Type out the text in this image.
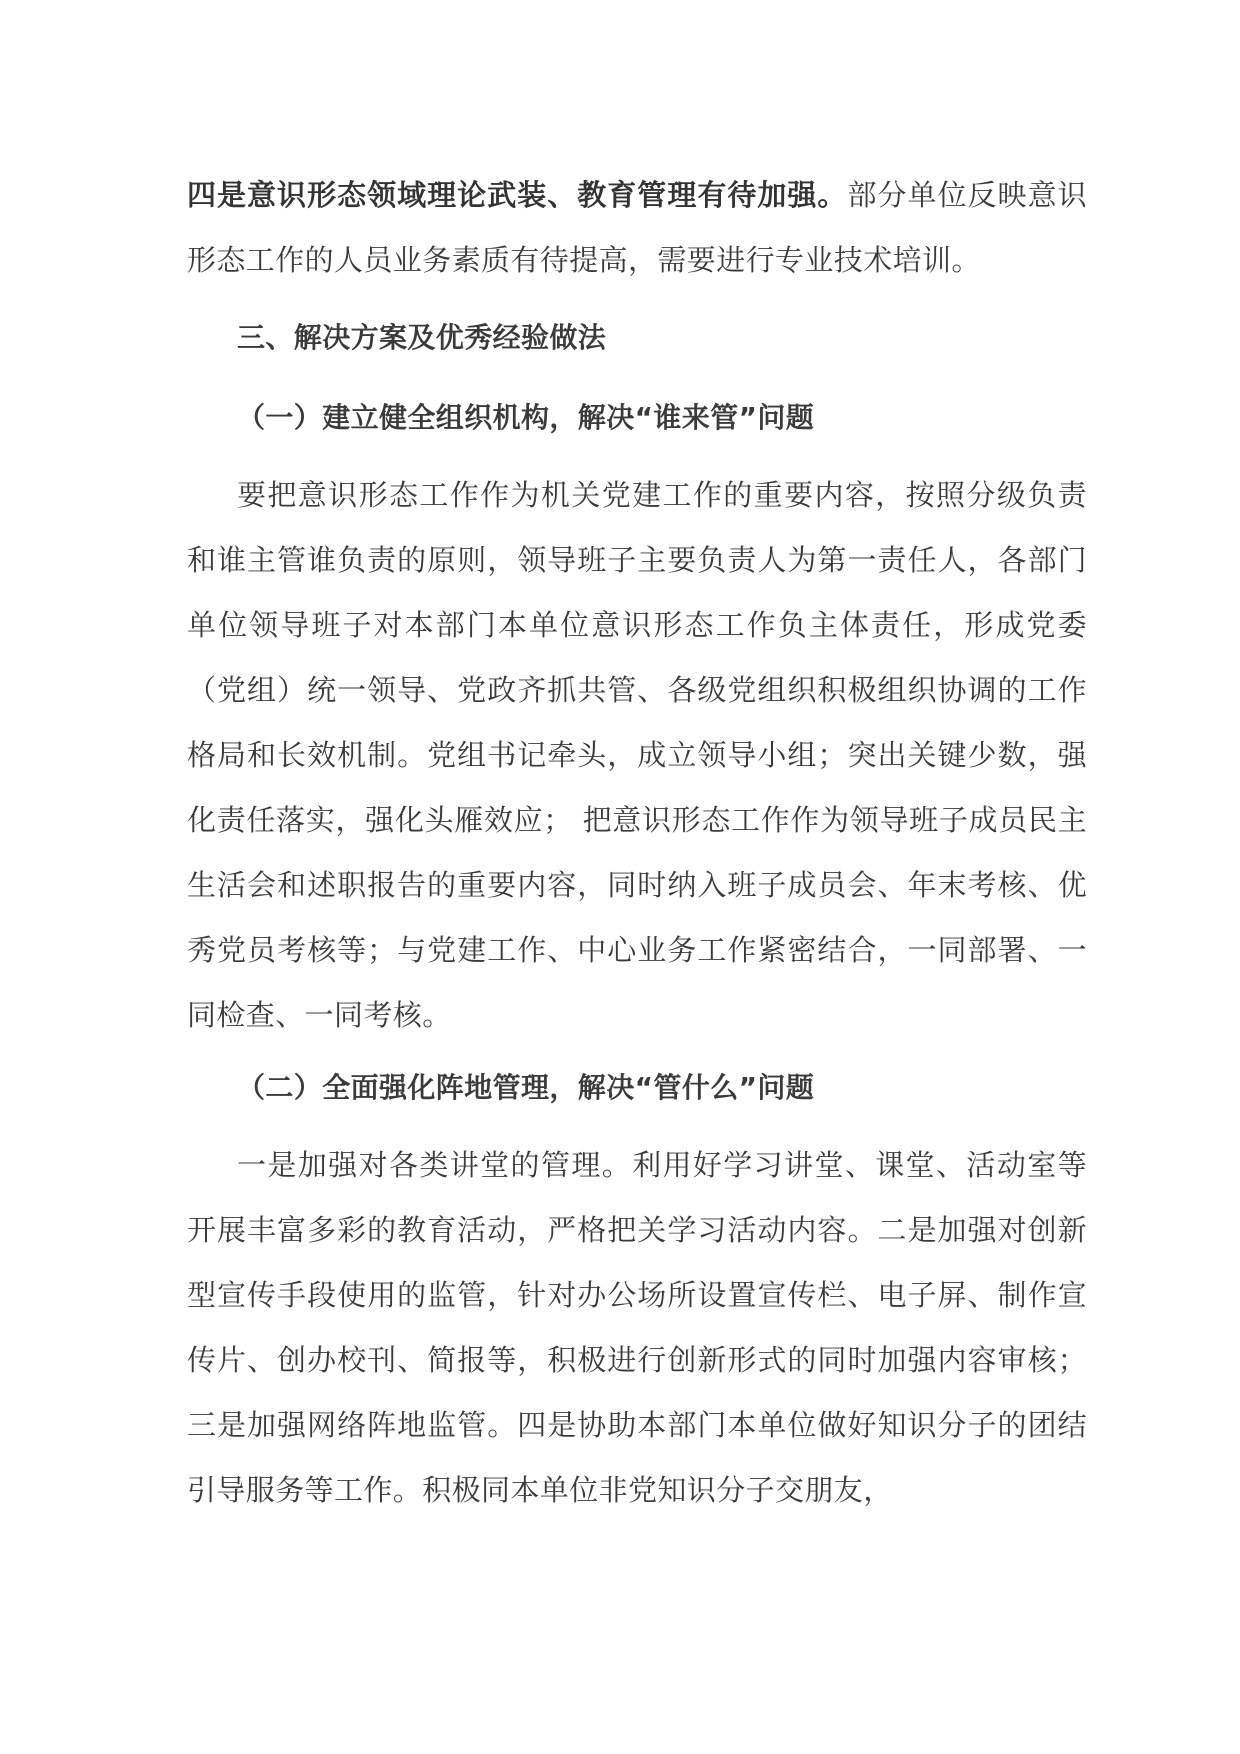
四是意识形态领域理论武装、教育管理有待加强。部分单位反映意识形态工作的人员业务素质有待提高，需要进行专业技术培训。

三、解决方案及优秀经验做法
（一）建立健全组织机构，解决“谁来管”问题

要把意识形态工作作为机关党建工作的重要内容，按照分级负责和谁主管谁负责的原则，领导班子主要负责人为第一责任人，各部门单位领导班子对本部门本单位意识形态工作负主体责任，形成党委（党组）统一领导、党政齐抓共管、各级党组织积极组织协调的工作格局和长效机制。党组书记牵头，成立领导小组；突出关键少数，强化责任落实，强化头雁效应； 把意识形态工作作为领导班子成员民主生活会和述职报告的重要内容，同时纳入班子成员会、年末考核、优秀党员考核等；与党建工作、中心业务工作紧密结合，一同部署、一同检查、一同考核。

（二）全面强化阵地管理，解决“管什么”问题

一是加强对各类讲堂的管理。利用好学习讲堂、课堂、活动室等开展丰富多彩的教育活动，严格把关学习活动内容。二是加强对创新型宣传手段使用的监管，针对办公场所设置宣传栏、电子屏、制作宣传片、创办校刊、简报等，积极进行创新形式的同时加强内容审核；三是加强网络阵地监管。四是协助本部门本单位做好知识分子的团结引导服务等工作。积极同本单位非党知识分子交朋友，
